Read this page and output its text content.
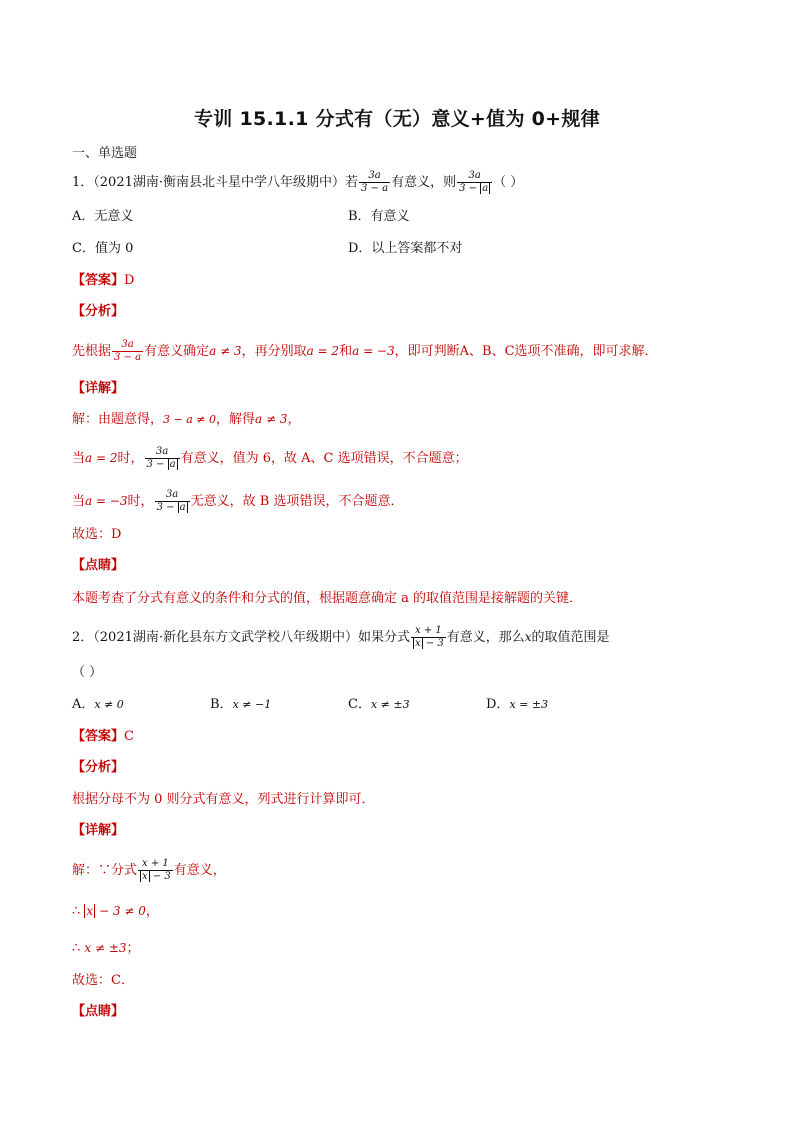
专训 15.1.1 分式有（无）意义+值为 0+规律
一、单选题
1．（2021湖南·衡南县北斗星中学八年级期中）若 $\frac{3a}{3 - a}$ 有意义，则 $\frac{3a}{3 - a}$ （ ）
A．无意义	B．有意义
C．值为 0	D．以上答案都不对
【答案】D
【分析】
先根据 $\frac{3a}{3 - a}$ 有意义确定a ≠ 3，再分别取a = 2和a = −3，即可判断A、B、C选项不准确，即可求解．
【详解】
解：由题意得，3 − a ≠ 0，解得a ≠ 3，
当a = 2时， $\frac{3a}{3 - a}$ 有意义，值为 6，故 A、C 选项错误，不合题意；
当a = −3时， $\frac{3a}{3 - a}$ 无意义，故 B 选项错误，不合题意．
故选：D
【点睛】
本题考查了分式有意义的条件和分式的值，根据题意确定 a 的取值范围是接解题的关键．
2．（2021湖南·新化县东方文武学校八年级期中）如果分式 $\frac{x + 1}{x - 3}$ 有意义，那么x的取值范围是
（ ）
A．x ≠ 0	B．x ≠ −1	C．x ≠ ±3	D．x = ±3
【答案】C
【分析】
根据分母不为 0 则分式有意义，列式进行计算即可．
【详解】
解：∵分式 $\frac{x + 1}{x - 3}$ 有意义，
∴ x − 3 ≠ 0，
∴ x ≠ ±3；
故选：C．
【点睛】
